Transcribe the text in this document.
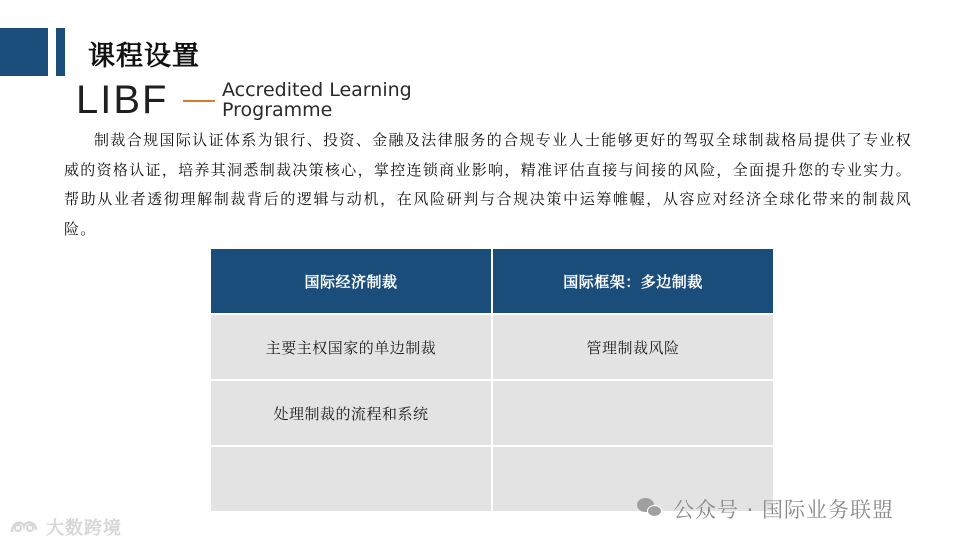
课程设置
LIBF	Accredited Learning
Programme

制裁合规国际认证体系为银行、投资、金融及法律服务的合规专业人士能够更好的驾驭全球制裁格局提供了专业权威的资格认证，培养其洞悉制裁决策核心，掌控连锁商业影响，精准评估直接与间接的风险，全面提升您的专业实力。帮助从业者透彻理解制裁背后的逻辑与动机，在风险研判与合规决策中运筹帷幄，从容应对经济全球化带来的制裁风险。

国际经济制裁	国际框架：多边制裁
主要主权国家的单边制裁	管理制裁风险
处理制裁的流程和系统	

公众号 · 国际业务联盟
大数跨境
